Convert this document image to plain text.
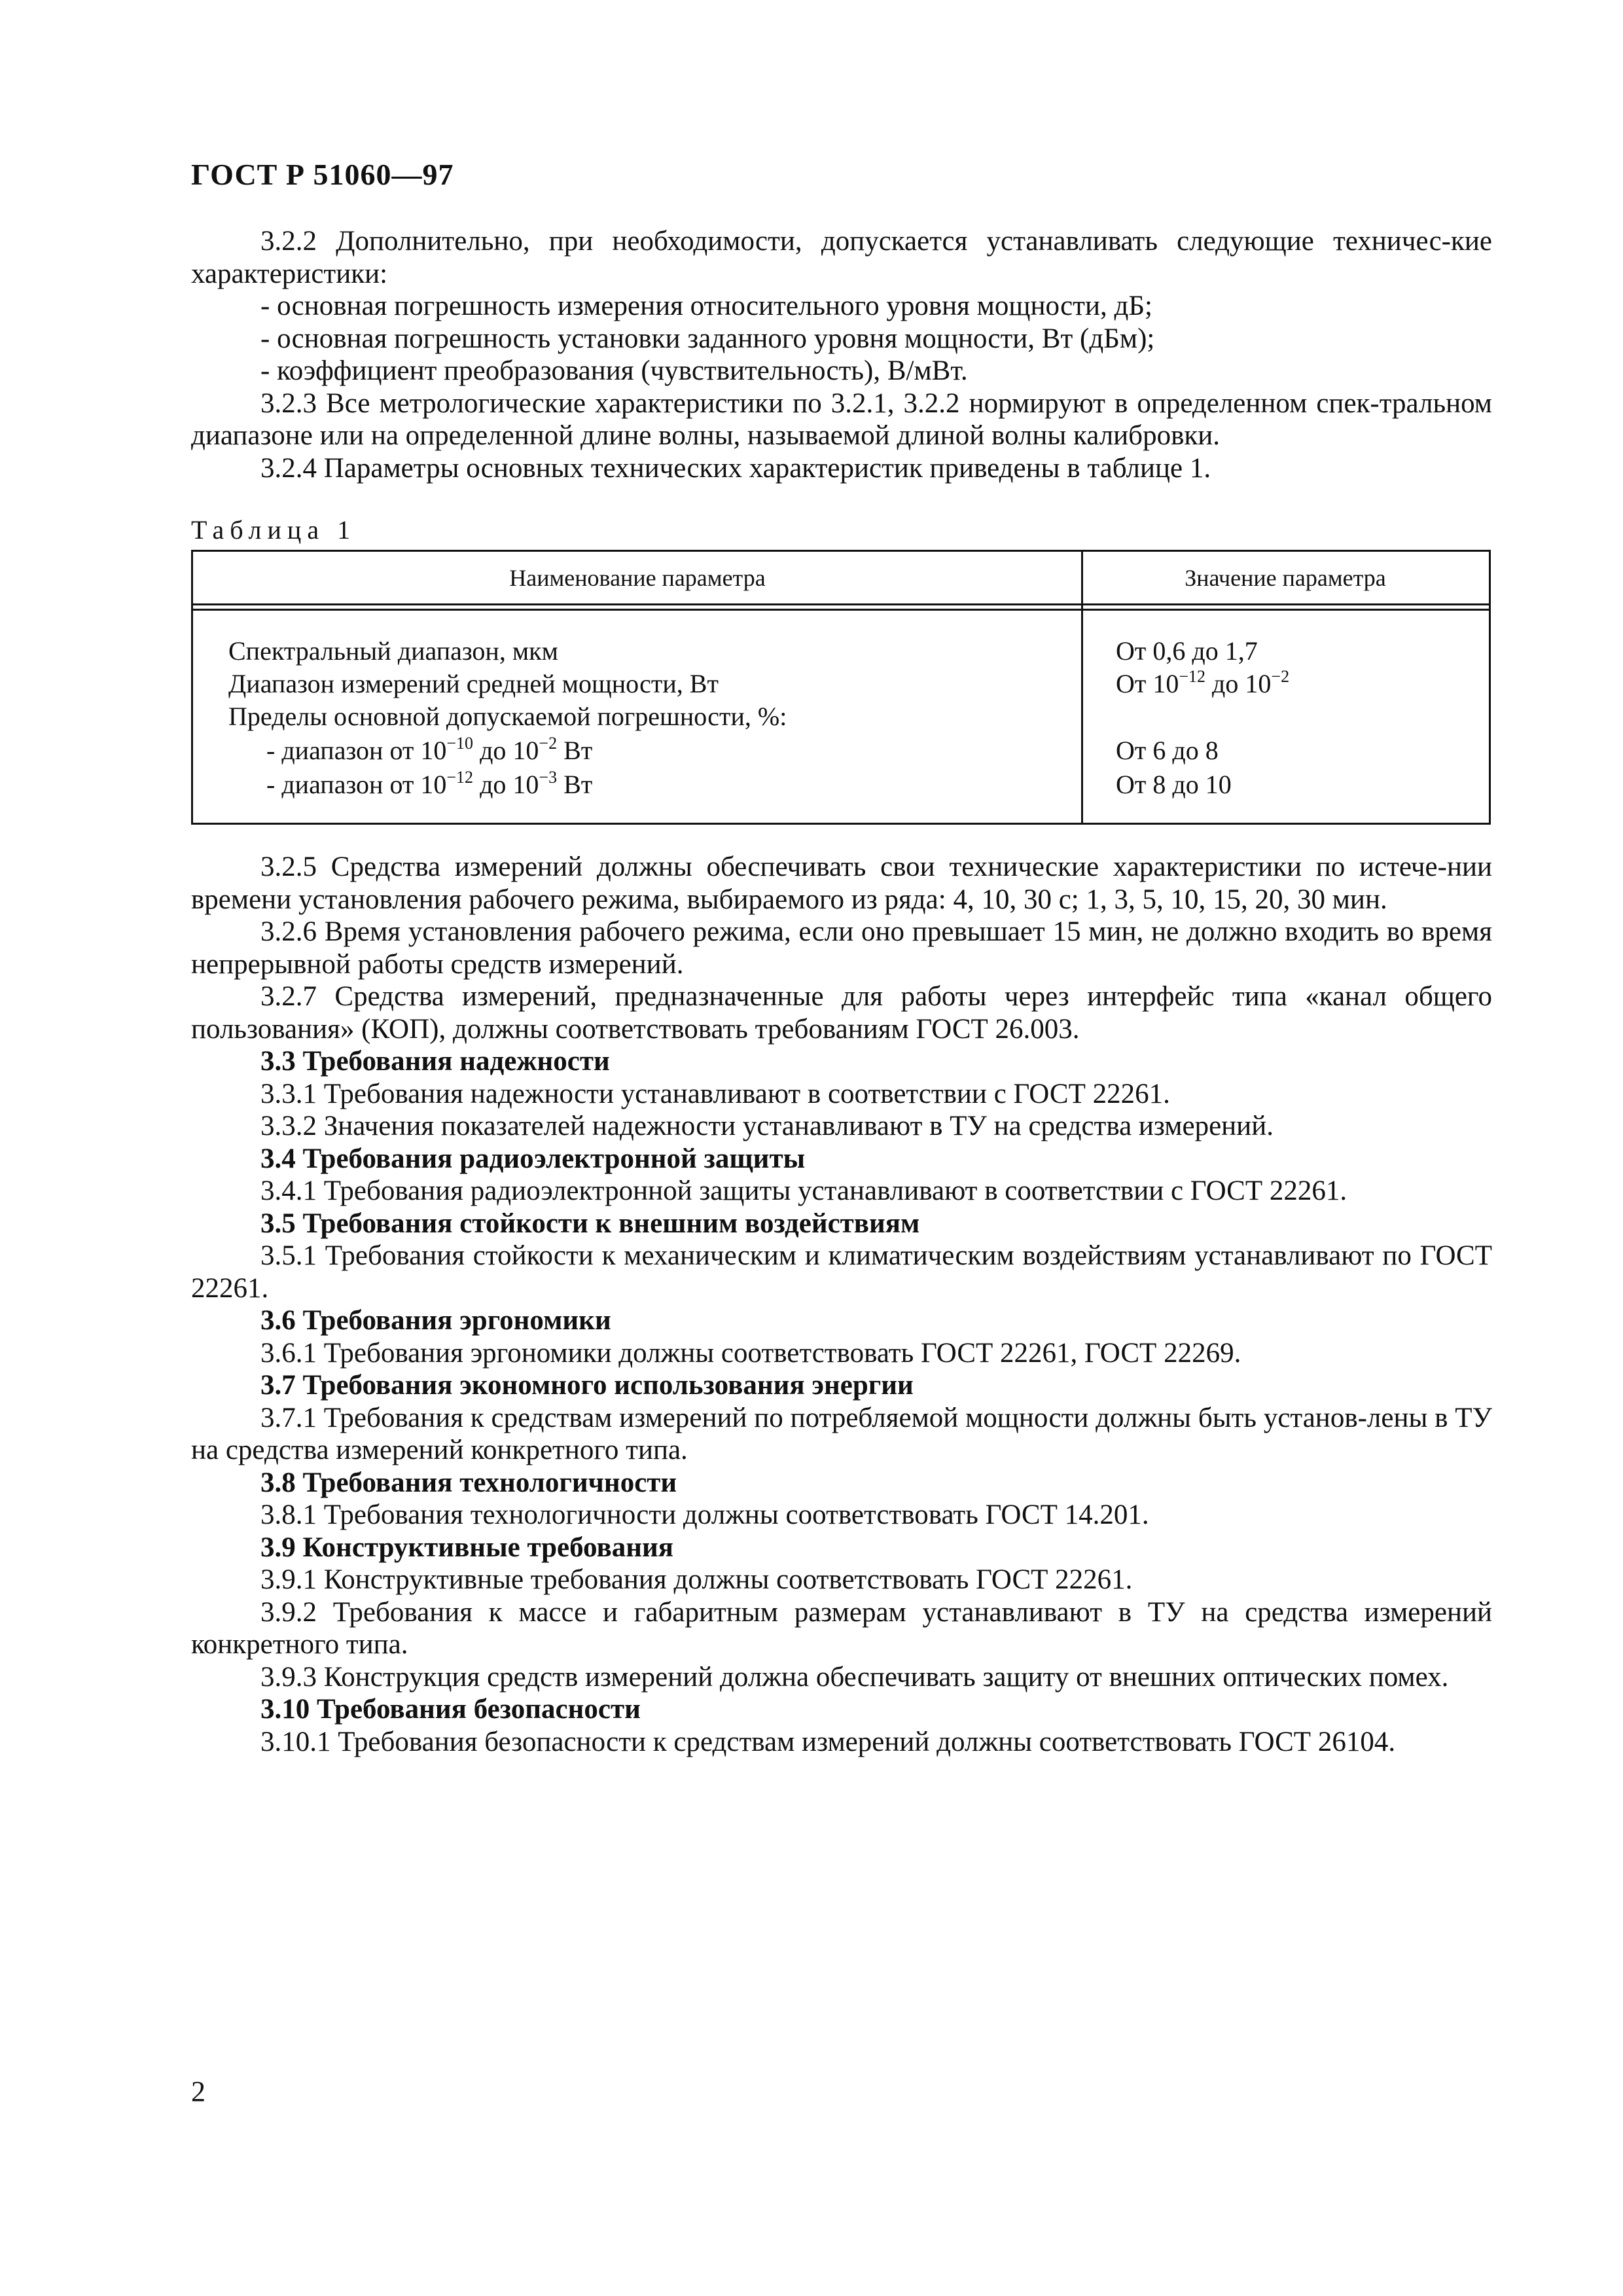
ГОСТ Р 51060—97

3.2.2 Дополнительно, при необходимости, допускается устанавливать следующие техничес-кие характеристики:

- основная погрешность измерения относительного уровня мощности, дБ;

- основная погрешность установки заданного уровня мощности, Вт (дБм);

- коэффициент преобразования (чувствительность), В/мВт.

3.2.3 Все метрологические характеристики по 3.2.1, 3.2.2 нормируют в определенном спек-тральном диапазоне или на определенной длине волны, называемой длиной волны калибровки.

3.2.4 Параметры основных технических характеристик приведены в таблице 1.

Таблица 1
Наименование параметра	Значение параметра
Спектральный диапазон, мкм	От 0,6 до 1,7
Диапазон измерений средней мощности, Вт	От $10^{-12}$ до $10^{-2}$
Пределы основной допускаемой погрешности, %:
- диапазон от $10^{-10}$ до $10^{-2}$ Вт	От 6 до 8
- диапазон от $10^{-12}$ до $10^{-3}$ Вт	От 8 до 10

3.2.5 Средства измерений должны обеспечивать свои технические характеристики по истече-нии времени установления рабочего режима, выбираемого из ряда: 4, 10, 30 с; 1, 3, 5, 10, 15, 20, 30 мин.

3.2.6 Время установления рабочего режима, если оно превышает 15 мин, не должно входить во время непрерывной работы средств измерений.

3.2.7 Средства измерений, предназначенные для работы через интерфейс типа «канал общего пользования» (КОП), должны соответствовать требованиям ГОСТ 26.003.

3.3 Требования надежности

3.3.1 Требования надежности устанавливают в соответствии с ГОСТ 22261.

3.3.2 Значения показателей надежности устанавливают в ТУ на средства измерений.

3.4 Требования радиоэлектронной защиты

3.4.1 Требования радиоэлектронной защиты устанавливают в соответствии с ГОСТ 22261.

3.5 Требования стойкости к внешним воздействиям

3.5.1 Требования стойкости к механическим и климатическим воздействиям устанавливают по ГОСТ 22261.

3.6 Требования эргономики

3.6.1 Требования эргономики должны соответствовать ГОСТ 22261, ГОСТ 22269.

3.7 Требования экономного использования энергии

3.7.1 Требования к средствам измерений по потребляемой мощности должны быть установ-лены в ТУ на средства измерений конкретного типа.

3.8 Требования технологичности

3.8.1 Требования технологичности должны соответствовать ГОСТ 14.201.

3.9 Конструктивные требования

3.9.1 Конструктивные требования должны соответствовать ГОСТ 22261.

3.9.2 Требования к массе и габаритным размерам устанавливают в ТУ на средства измерений конкретного типа.

3.9.3 Конструкция средств измерений должна обеспечивать защиту от внешних оптических помех.

3.10 Требования безопасности

3.10.1 Требования безопасности к средствам измерений должны соответствовать ГОСТ 26104.

2
